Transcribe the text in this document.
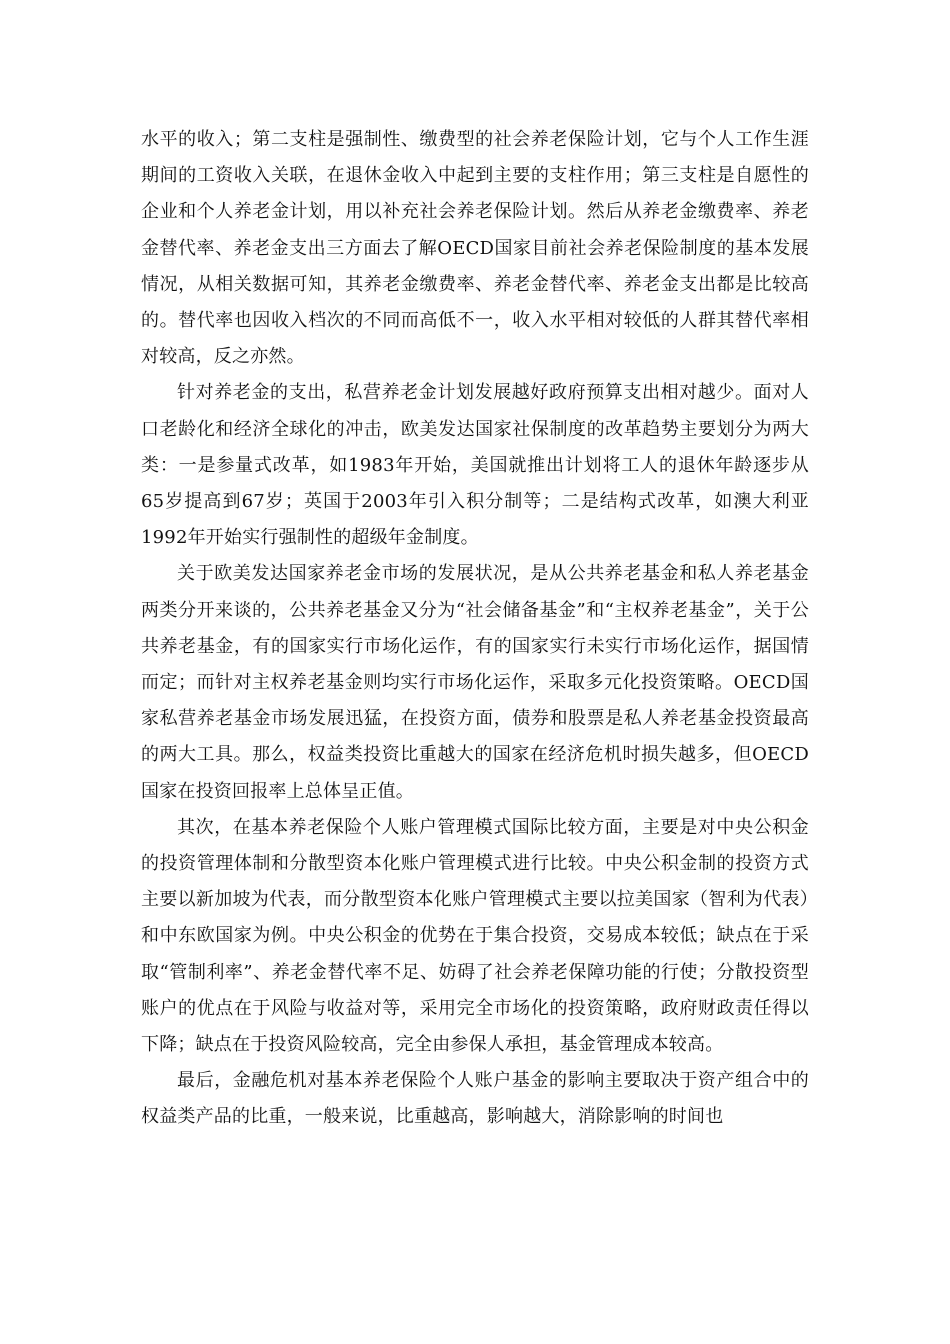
水平的收入；第二支柱是强制性、缴费型的社会养老保险计划，它与个人工作生涯期间的工资收入关联，在退休金收入中起到主要的支柱作用；第三支柱是自愿性的企业和个人养老金计划，用以补充社会养老保险计划。然后从养老金缴费率、养老金替代率、养老金支出三方面去了解OECD国家目前社会养老保险制度的基本发展情况，从相关数据可知，其养老金缴费率、养老金替代率、养老金支出都是比较高的。替代率也因收入档次的不同而高低不一，收入水平相对较低的人群其替代率相对较高，反之亦然。

针对养老金的支出，私营养老金计划发展越好政府预算支出相对越少。面对人口老龄化和经济全球化的冲击，欧美发达国家社保制度的改革趋势主要划分为两大类：一是参量式改革，如1983年开始，美国就推出计划将工人的退休年龄逐步从65岁提高到67岁；英国于2003年引入积分制等；二是结构式改革，如澳大利亚1992年开始实行强制性的超级年金制度。

关于欧美发达国家养老金市场的发展状况，是从公共养老基金和私人养老基金两类分开来谈的，公共养老基金又分为“社会储备基金”和“主权养老基金”，关于公共养老基金，有的国家实行市场化运作，有的国家实行未实行市场化运作，据国情而定；而针对主权养老基金则均实行市场化运作，采取多元化投资策略。OECD国家私营养老基金市场发展迅猛，在投资方面，债券和股票是私人养老基金投资最高的两大工具。那么，权益类投资比重越大的国家在经济危机时损失越多，但OECD国家在投资回报率上总体呈正值。

其次，在基本养老保险个人账户管理模式国际比较方面，主要是对中央公积金的投资管理体制和分散型资本化账户管理模式进行比较。中央公积金制的投资方式主要以新加坡为代表，而分散型资本化账户管理模式主要以拉美国家（智利为代表）和中东欧国家为例。中央公积金的优势在于集合投资，交易成本较低；缺点在于采取“管制利率”、养老金替代率不足、妨碍了社会养老保障功能的行使；分散投资型账户的优点在于风险与收益对等，采用完全市场化的投资策略，政府财政责任得以下降；缺点在于投资风险较高，完全由参保人承担，基金管理成本较高。

最后，金融危机对基本养老保险个人账户基金的影响主要取决于资产组合中的权益类产品的比重，一般来说，比重越高，影响越大，消除影响的时间也
